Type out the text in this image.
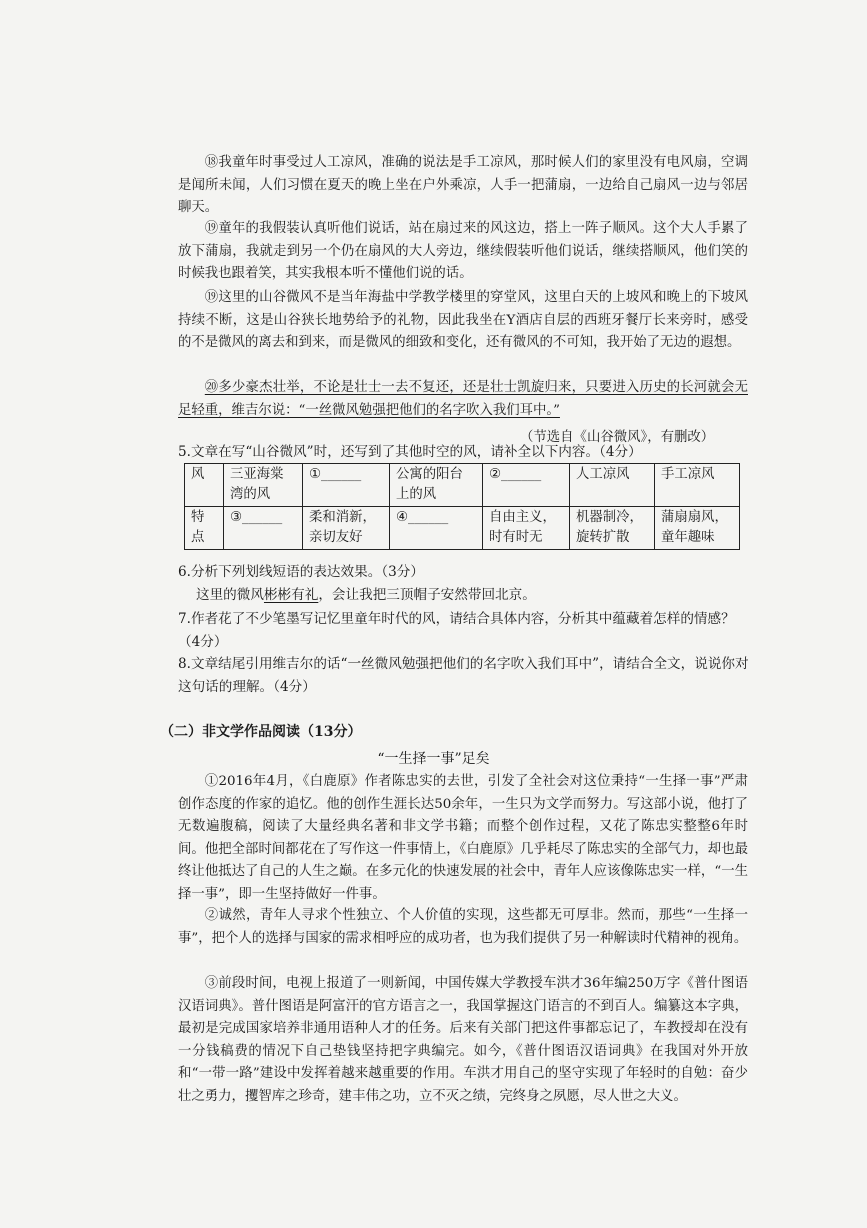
⑱我童年时事受过人工凉风，准确的说法是手工凉风，那时候人们的家里没有电风扇，空调是闻所未闻，人们习惯在夏天的晚上坐在户外乘凉，人手一把蒲扇，一边给自己扇风一边与邻居聊天。

⑲童年的我假装认真听他们说话，站在扇过来的风这边，搭上一阵子顺风。这个大人手累了放下蒲扇，我就走到另一个仍在扇风的大人旁边，继续假装听他们说话，继续搭顺风，他们笑的时候我也跟着笑，其实我根本听不懂他们说的话。

⑲这里的山谷微风不是当年海盐中学教学楼里的穿堂风，这里白天的上坡风和晚上的下坡风持续不断，这是山谷狭长地势给予的礼物，因此我坐在Y酒店自层的西班牙餐厅长来旁时，感受的不是微风的离去和到来，而是微风的细致和变化，还有微风的不可知，我开始了无边的遐想。

⑳多少豪杰壮举，不论是壮士一去不复还，还是壮士凯旋归来，只要进入历史的长河就会无足轻重，维吉尔说：“一丝微风勉强把他们的名字吹入我们耳中。”

（节选自《山谷微风》，有删改）

5.文章在写“山谷微风”时，还写到了其他时空的风，请补全以下内容。（4分）

风	三亚海棠湾的风	①______	公寓的阳台上的风	②______	人工凉风	手工凉风
特点	③______	柔和消新，亲切友好	④______	自由主义，时有时无	机器制冷，旋转扩散	蒲扇扇风，童年趣味

6.分析下列划线短语的表达效果。（3分）

这里的微风彬彬有礼，会让我把三顶帽子安然带回北京。

7.作者花了不少笔墨写记忆里童年时代的风，请结合具体内容，分析其中蕴藏着怎样的情感？（4分）

8.文章结尾引用维吉尔的话“一丝微风勉强把他们的名字吹入我们耳中”，请结合全文，说说你对这句话的理解。（4分）

（二）非文学作品阅读（13分）

“一生择一事”足矣

①2016年4月，《白鹿原》作者陈忠实的去世，引发了全社会对这位秉持“一生择一事”严肃创作态度的作家的追忆。他的创作生涯长达50余年，一生只为文学而努力。写这部小说，他打了无数遍腹稿，阅读了大量经典名著和非文学书籍；而整个创作过程，又花了陈忠实整整6年时间。他把全部时间都花在了写作这一件事情上，《白鹿原》几乎耗尽了陈忠实的全部气力，却也最终让他抵达了自己的人生之巅。在多元化的快速发展的社会中，青年人应该像陈忠实一样，“一生择一事”，即一生坚持做好一件事。

②诚然，青年人寻求个性独立、个人价值的实现，这些都无可厚非。然而，那些“一生择一事”，把个人的选择与国家的需求相呼应的成功者，也为我们提供了另一种解读时代精神的视角。

③前段时间，电视上报道了一则新闻，中国传媒大学教授车洪才36年编250万字《普什图语汉语词典》。普什图语是阿富汗的官方语言之一，我国掌握这门语言的不到百人。编纂这本字典，最初是完成国家培养非通用语种人才的任务。后来有关部门把这件事都忘记了，车教授却在没有一分钱稿费的情况下自己垫钱坚持把字典编完。如今，《普什图语汉语词典》在我国对外开放和“一带一路”建设中发挥着越来越重要的作用。车洪才用自己的坚守实现了年轻时的自勉：奋少壮之勇力，攫智库之珍奇，建丰伟之功，立不灭之绩，完终身之夙愿，尽人世之大义。
